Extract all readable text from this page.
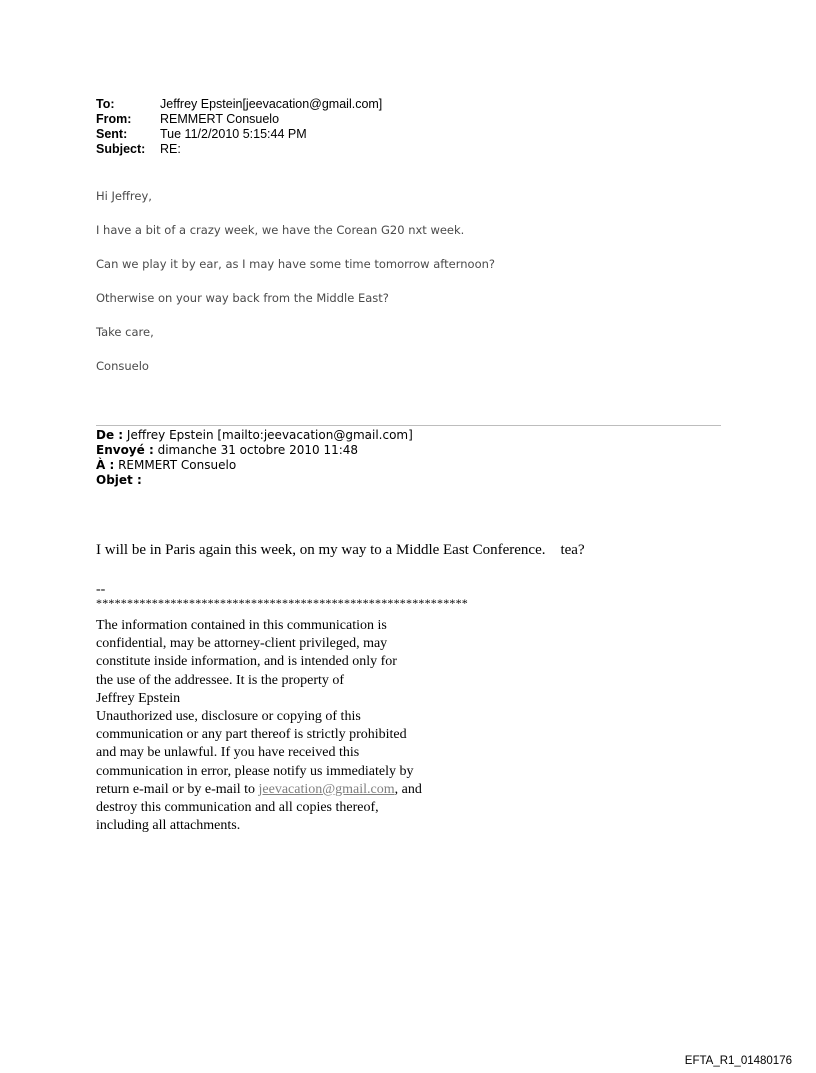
To:	Jeffrey Epstein[jeevacation@gmail.com]
From:	REMMERT Consuelo
Sent:	Tue 11/2/2010 5:15:44 PM
Subject:	RE:

Hi Jeffrey,

I have a bit of a crazy week, we have the Corean G20 nxt week.

Can we play it by ear, as I may have some time tomorrow afternoon?

Otherwise on your way back from the Middle East?

Take care,

Consuelo

De : Jeffrey Epstein [mailto:jeevacation@gmail.com]
Envoyé : dimanche 31 octobre 2010 11:48
À : REMMERT Consuelo
Objet :
I will be in Paris again this week, on my way to a Middle East Conference. tea?
--
************************************************************
The information contained in this communication is
confidential, may be attorney-client privileged, may
constitute inside information, and is intended only for
the use of the addressee. It is the property of
Jeffrey Epstein
Unauthorized use, disclosure or copying of this
communication or any part thereof is strictly prohibited
and may be unlawful. If you have received this
communication in error, please notify us immediately by
return e-mail or by e-mail to jeevacation@gmail.com, and
destroy this communication and all copies thereof,
including all attachments.
EFTA_R1_01480176
